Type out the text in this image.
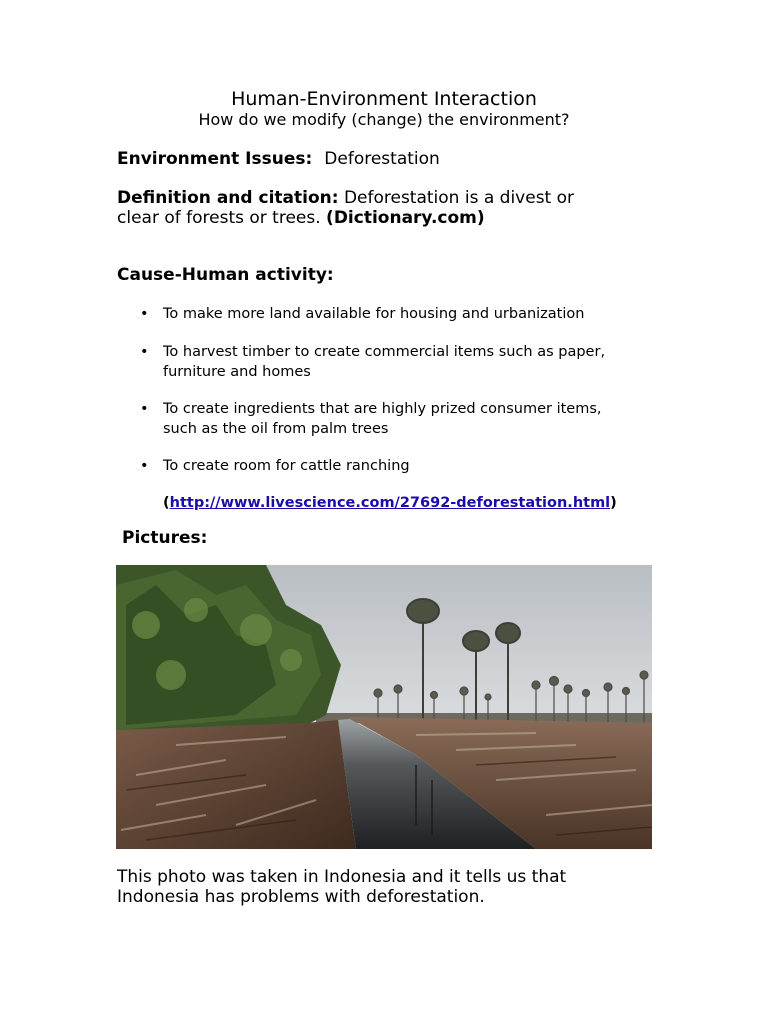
Human-Environment Interaction
How do we modify (change) the environment?
Environment Issues: Deforestation
Definition and citation: Deforestation is a divest or
clear of forests or trees. (Dictionary.com)
Cause-Human activity:
• To make more land available for housing and urbanization
• To harvest timber to create commercial items such as paper,
furniture and homes
• To create ingredients that are highly prized consumer items,
such as the oil from palm trees
• To create room for cattle ranching
(http://www.livescience.com/27692-deforestation.html)
Pictures:
This photo was taken in Indonesia and it tells us that
Indonesia has problems with deforestation.
